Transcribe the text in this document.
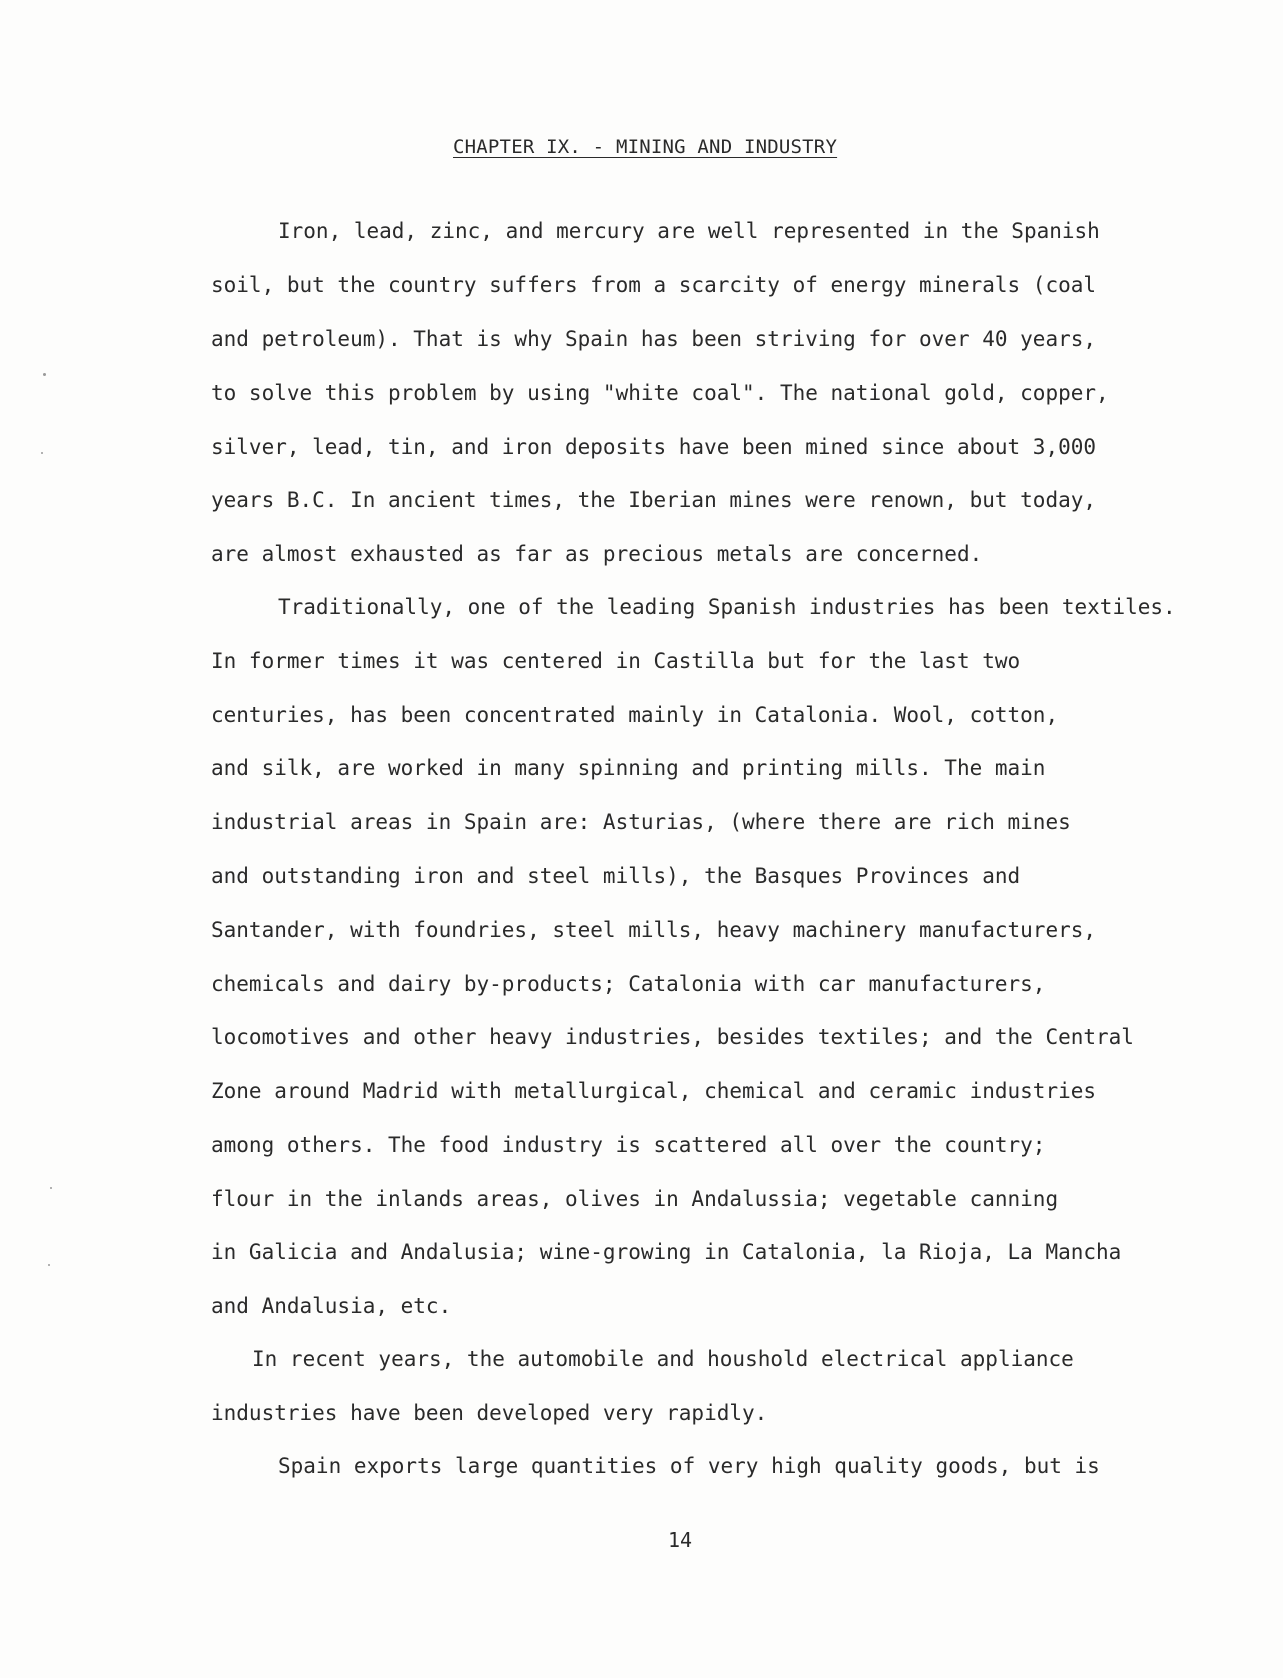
CHAPTER IX. - MINING AND INDUSTRY
Iron, lead, zinc, and mercury are well represented in the Spanish
soil, but the country suffers from a scarcity of energy minerals (coal
and petroleum). That is why Spain has been striving for over 40 years,
to solve this problem by using "white coal". The national gold, copper,
silver, lead, tin, and iron deposits have been mined since about 3,000
years B.C. In ancient times, the Iberian mines were renown, but today,
are almost exhausted as far as precious metals are concerned.
Traditionally, one of the leading Spanish industries has been textiles.
In former times it was centered in Castilla but for the last two
centuries, has been concentrated mainly in Catalonia. Wool, cotton,
and silk, are worked in many spinning and printing mills. The main
industrial areas in Spain are: Asturias, (where there are rich mines
and outstanding iron and steel mills), the Basques Provinces and
Santander, with foundries, steel mills, heavy machinery manufacturers,
chemicals and dairy by-products; Catalonia with car manufacturers,
locomotives and other heavy industries, besides textiles; and the Central
Zone around Madrid with metallurgical, chemical and ceramic industries
among others. The food industry is scattered all over the country;
flour in the inlands areas, olives in Andalussia; vegetable canning
in Galicia and Andalusia; wine-growing in Catalonia, la Rioja, La Mancha
and Andalusia, etc.
In recent years, the automobile and houshold electrical appliance
industries have been developed very rapidly.
Spain exports large quantities of very high quality goods, but is
14
